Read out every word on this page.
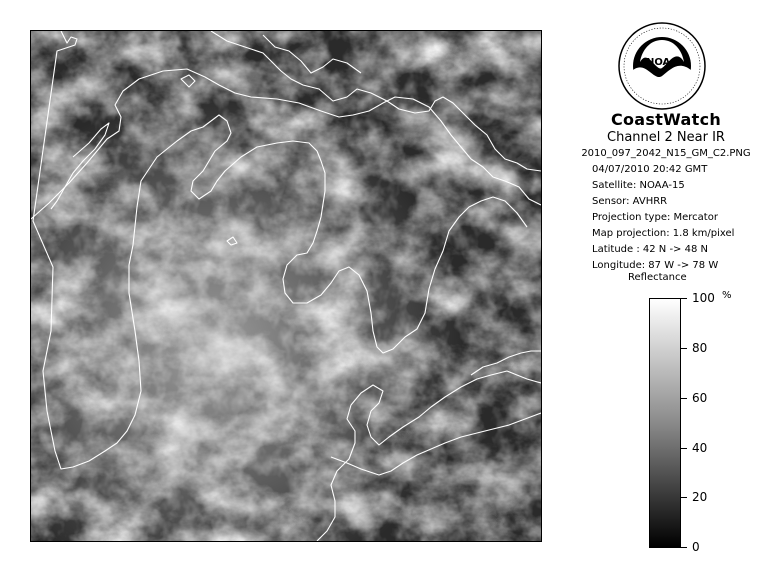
NOAA
CoastWatch
Channel 2 Near IR
2010_097_2042_N15_GM_C2.PNG
04/07/2010 20:42 GMT
Satellite: NOAA-15
Sensor: AVHRR
Projection type: Mercator
Map projection: 1.8 km/pixel
Latitude : 42 N -> 48 N
Longitude: 87 W -> 78 W
Reflectance
%
100
80
60
40
20
0
